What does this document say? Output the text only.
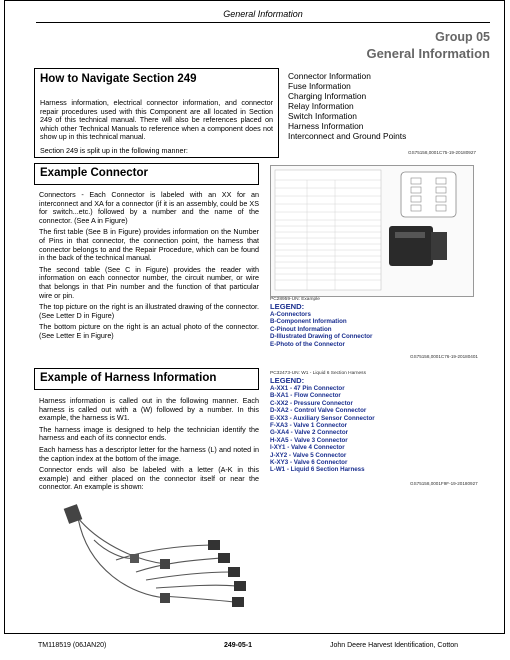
General Information
Group 05
General Information
How to Navigate Section 249

Harness information, electrical connector information, and connector repair procedures used with this Component are all located in Section 249 of this technical manual. There will also be references placed on which other Technical Manuals to reference when a component does not show up in this technical manual.

Section 249 is split up in the following manner:

Connector Information
Fuse Information
Charging Information
Relay Information
Switch Information
Harness Information
Interconnect and Ground Points
GS75158,0001C75-19-20180927
Example Connector

Connectors - Each Connector is labeled with an XX for an interconnect and XA for a connector (if it is an assembly, could be XS for switch...etc.) followed by a number and the name of the connector. (See A in Figure)

The first table (See B in Figure) provides information on the Number of Pins in that connector, the connection point, the harness that connector belongs to and the Repair Procedure, which can be found in the back of the technical manual.

The second table (See C in Figure) provides the reader with information on each connector number, the circuit number, or wire that belongs in that Pin number and the function of that particular wire or pin.

The top picture on the right is an illustrated drawing of the connector. (See Letter D in Figure)

The bottom picture on the right is an actual photo of the connector. (See Letter E in Figure)

PC28959-UN: Example
LEGEND:
A-Connectors
B-Component Information
C-Pinout Information
D-Illustrated Drawing of Connector
E-Photo of the Connector
GS75158,0001C76-19-20180401
Example of Harness Information

Harness information is called out in the following manner. Each harness is called out with a (W) followed by a number. In this example, the harness is W1.

The harness image is designed to help the technician identify the harness and each of its connector ends.

Each harness has a descriptor letter for the harness (L) and noted in the caption index at the bottom of the image.

Connector ends will also be labeled with a letter (A-K in this example) and either placed on the connector itself or near the connector. An example is shown:

PC32473-UN: W1 - Liquid 6 Section Harness
LEGEND:
A-XX1 - 47 Pin Connector
B-XA1 - Flow Connector
C-XX2 - Pressure Connector
D-XA2 - Control Valve Connector
E-XX3 - Auxiliary Sensor Connector
F-XA3 - Valve 1 Connector
G-XA4 - Valve 2 Connector
H-XA5 - Valve 3 Connector
I-XY1 - Valve 4 Connector
J-XY2 - Valve 5 Connector
K-XY3 - Valve 6 Connector
L-W1 - Liquid 6 Section Harness
GS75158,0001F9F-19-20180927
TM118519 (06JAN20)	249-05-1	John Deere Harvest Identification, Cotton
